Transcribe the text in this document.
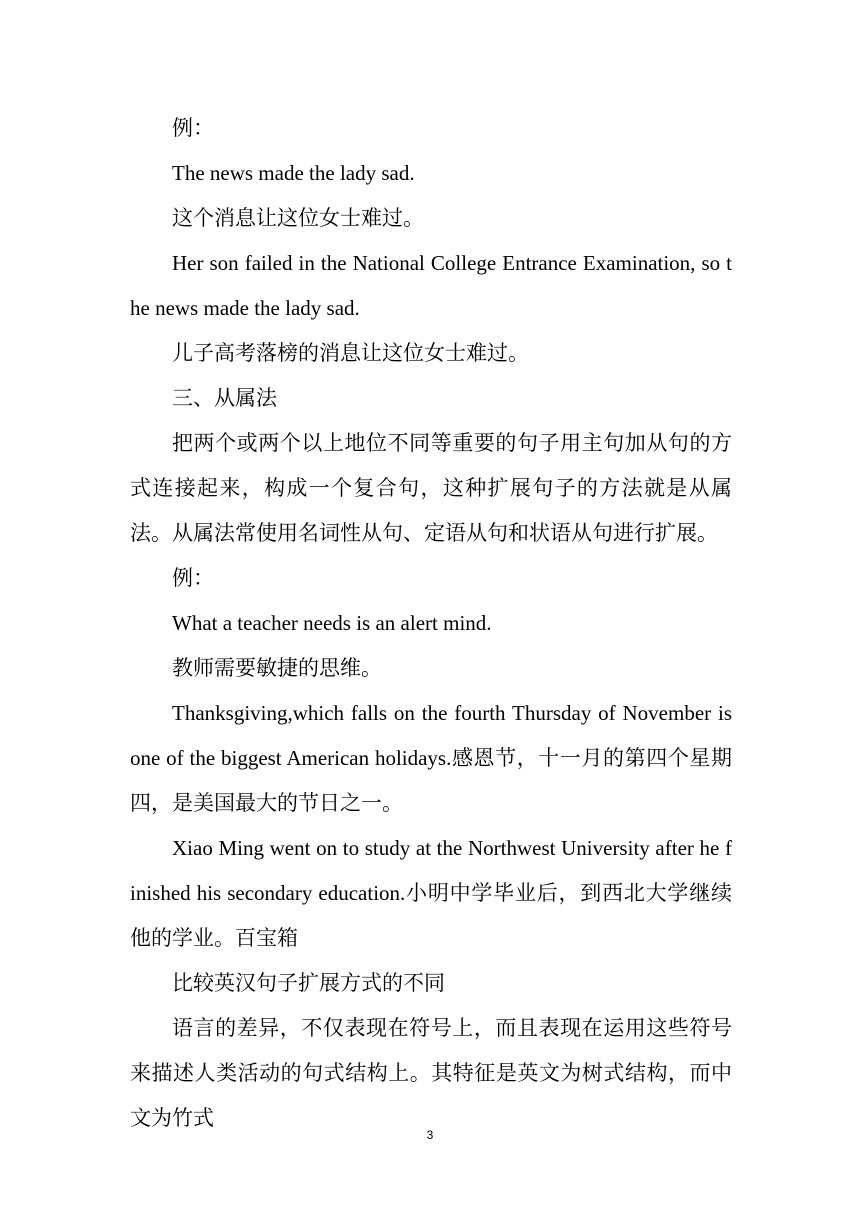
例：

The news made the lady sad.

这个消息让这位女士难过。

Her son failed in the National College Entrance Examination, so the news made the lady sad.

儿子高考落榜的消息让这位女士难过。

三、从属法

把两个或两个以上地位不同等重要的句子用主句加从句的方式连接起来，构成一个复合句，这种扩展句子的方法就是从属法。从属法常使用名词性从句、定语从句和状语从句进行扩展。

例：

What a teacher needs is an alert mind.

教师需要敏捷的思维。

Thanksgiving,which falls on the fourth Thursday of November is one of the biggest American holidays.感恩节，十一月的第四个星期四，是美国最大的节日之一。

Xiao Ming went on to study at the Northwest University after he finished his secondary education.小明中学毕业后，到西北大学继续他的学业。百宝箱

比较英汉句子扩展方式的不同

语言的差异，不仅表现在符号上，而且表现在运用这些符号来描述人类活动的句式结构上。其特征是英文为树式结构，而中文为竹式

3
